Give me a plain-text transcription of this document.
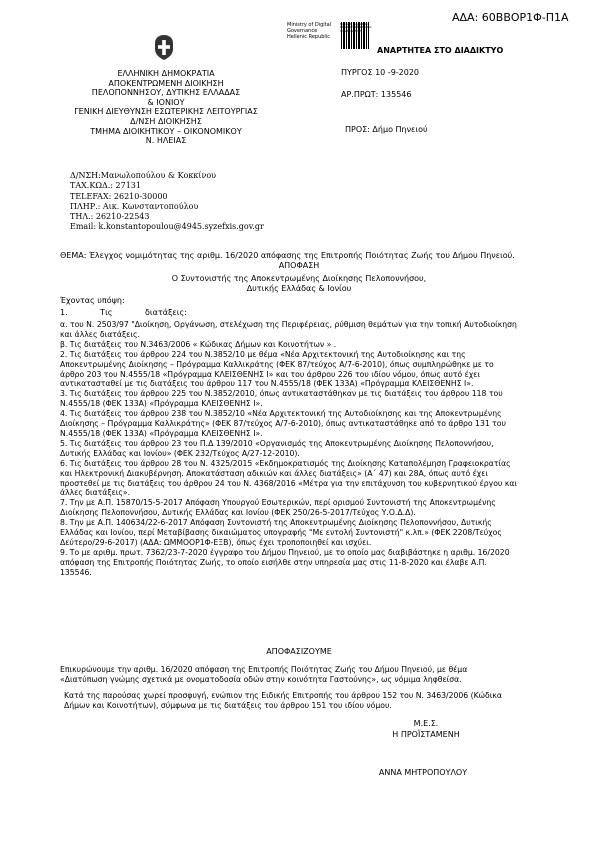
ΑΔΑ: 60ΒΒΟΡ1Φ-Π1Α
Ministry of Digital
Governance
Hellenic Republic
Digitally signed by
MINISTRY OF DIGITAL
GOVERNANCE
ΑΝΑΡΤΗΤΕΑ ΣΤΟ ΔΙΑΔΙΚΤΥΟ
ΕΛΛΗΝΙΚΗ ΔΗΜΟΚΡΑΤΙΑ
ΑΠΟΚΕΝΤΡΩΜΕΝΗ ΔΙΟΙΚΗΣΗ
ΠΕΛΟΠΟΝΝΗΣΟΥ, ΔΥΤΙΚΗΣ ΕΛΛΑΔΑΣ
& ΙΟΝΙΟΥ
ΓΕΝΙΚΗ ΔΙΕΥΘΥΝΣΗ ΕΣΩΤΕΡΙΚΗΣ ΛΕΙΤΟΥΡΓΙΑΣ
Δ/ΝΣΗ ΔΙΟΙΚΗΣΗΣ
ΤΜΗΜΑ ΔΙΟΙΚΗΤΙΚΟΥ – ΟΙΚΟΝΟΜΙΚΟΥ
Ν. ΗΛΕΙΑΣ
ΠΥΡΓΟΣ 10 -9-2020
ΑΡ.ΠΡΩΤ: 135546
ΠΡΟΣ: Δήμο Πηνειού
Δ/ΝΣΗ:Μανωλοπούλου & Κοκκίνου
ΤΑΧ.ΚΩΔ.: 27131
TELEFAX: 26210-30000
ΠΛΗΡ.: Αικ. Κωνσταντοπούλου
ΤΗΛ.: 26210-22543
Email: k.konstantopoulou@4945.syzefxis.gov.gr
ΘΕΜΑ: Έλεγχος νομιμότητας της αριθμ. 16/2020 απόφασης της Επιτροπής Ποιότητας Ζωής του Δήμου Πηνειού.
ΑΠΟΦΑΣΗ
Ο Συντονιστής της Αποκεντρωμένης Διοίκησης Πελοποννήσου,
Δυτικής Ελλάδας & Ιονίου
Έχοντας υπόψη:
1. Τις διατάξεις:
α. του Ν. 2503/97 "Διοίκηση, Οργάνωση, στελέχωση της Περιφέρειας, ρύθμιση θεμάτων για την τοπική Αυτοδιοίκηση
και άλλες διατάξεις.
β. Τις διατάξεις του Ν.3463/2006 « Κώδικας Δήμων και Κοινοτήτων » .
2. Τις διατάξεις του άρθρου 224 του Ν.3852/10 με θέμα «Νέα Αρχιτεκτονική της Αυτοδιοίκησης και της
Αποκεντρωμένης Διοίκησης – Πρόγραμμα Καλλικράτης (ΦΕΚ 87/τεύχος Α/7-6-2010), όπως συμπληρώθηκε με το
άρθρο 203 του Ν.4555/18 «Πρόγραμμα ΚΛΕΙΣΘΕΝΗΣ Ι» και του άρθρου 226 του ιδίου νόμου, όπως αυτό έχει
αντικατασταθεί με τις διατάξεις του άρθρου 117 του Ν.4555/18 (ΦΕΚ 133Α) «Πρόγραμμα ΚΛΕΙΣΘΕΝΗΣ Ι».
3. Τις διατάξεις του άρθρου 225 του Ν.3852/2010, όπως αντικαταστάθηκαν με τις διατάξεις του άρθρου 118 του
Ν.4555/18 (ΦΕΚ 133Α) «Πρόγραμμα ΚΛΕΙΣΘΕΝΗΣ Ι».
4. Τις διατάξεις του άρθρου 238 του Ν.3852/10 «Νέα Αρχιτεκτονική της Αυτοδιοίκησης και της Αποκεντρωμένης
Διοίκησης – Πρόγραμμα Καλλικράτης» (ΦΕΚ 87/τεύχος Α/7-6-2010), όπως αντικαταστάθηκε από το άρθρο 131 του
Ν.4555/18 (ΦΕΚ 133Α) «Πρόγραμμα ΚΛΕΙΣΘΕΝΗΣ Ι».
5. Τις διατάξεις του άρθρου 23 του Π.Δ 139/2010 «Οργανισμός της Αποκεντρωμένης Διοίκησης Πελοποννήσου,
Δυτικής Ελλάδας και Ιονίου» (ΦΕΚ 232/Τεύχος Α/27-12-2010).
6. Τις διατάξεις του άρθρου 28 του Ν. 4325/2015 «Εκδημοκρατισμός της Διοίκησης Καταπολέμηση Γραφειοκρατίας
και Ηλεκτρονική Διακυβέρνηση. Αποκατάσταση αδικιών και άλλες διατάξεις» (Α΄ 47) και 28Α, όπως αυτό έχει
προστεθεί με τις διατάξεις του άρθρου 24 του Ν. 4368/2016 «Μέτρα για την επιτάχυνση του κυβερνητικού έργου και
άλλες διατάξεις».
7. Την με Α.Π. 15870/15-5-2017 Απόφαση Υπουργού Εσωτερικών, περί ορισμού Συντονιστή της Αποκεντρωμένης
Διοίκησης Πελοποννήσου, Δυτικής Ελλάδας και Ιονίου (ΦΕΚ 250/26-5-2017/Τεύχος Υ.Ο.Δ.Δ).
8. Την με Α.Π. 140634/22-6-2017 Απόφαση Συντονιστή της Αποκεντρωμένης Διοίκησης Πελοποννήσου, Δυτικής
Ελλάδας και Ιονίου, περί Μεταβίβασης δικαιώματος υπογραφής "Με εντολή Συντονιστή" κ.λπ.» (ΦΕΚ 2208/Τεύχος
Δεύτερο/29-6-2017) (ΑΔΑ: ΩΜΜΟΟΡ1Φ-ΕΞΒ), όπως έχει τροποποιηθεί και ισχύει.
9. Το με αριθμ. πρωτ. 7362/23-7-2020 έγγραφο του Δήμου Πηνειού, με το οποίο μας διαβιβάστηκε η αριθμ. 16/2020
απόφαση της Επιτροπής Ποιότητας Ζωής, το οποίο εισήλθε στην υπηρεσία μας στις 11-8-2020 και έλαβε Α.Π.
135546.
ΑΠΟΦΑΣΙΖΟΥΜΕ
Επικυρώνουμε την αριθμ. 16/2020 απόφαση της Επιτροπής Ποιότητας Ζωής του Δήμου Πηνειού, με θέμα
«Διατύπωση γνώμης σχετικά με ονοματοδοσία οδών στην κοινότητα Γαστούνης», ως νόμιμα ληφθείσα.
Κατά της παρούσας χωρεί προσφυγή, ενώπιον της Ειδικής Επιτροπής του άρθρου 152 του Ν. 3463/2006 (Κώδικα
Δήμων και Κοινοτήτων), σύμφωνα με τις διατάξεις του άρθρου 151 του ιδίου νόμου.
Μ.Ε.Σ.
Η ΠΡΟΪΣΤΑΜΕΝΗ
ΑΝΝΑ ΜΗΤΡΟΠΟΥΛΟΥ
